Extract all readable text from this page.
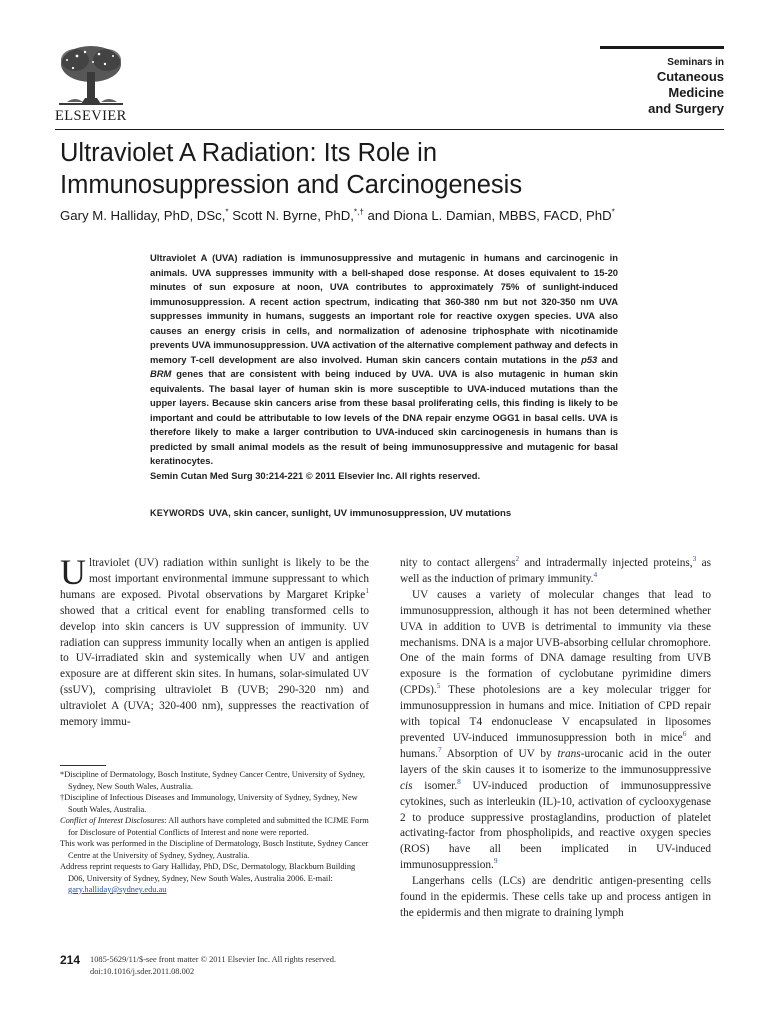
ELSEVIER
Seminars in
Cutaneous
Medicine
and Surgery
Ultraviolet A Radiation: Its Role in
Immunosuppression and Carcinogenesis
Gary M. Halliday, PhD, DSc,* Scott N. Byrne, PhD,*,† and Diona L. Damian, MBBS, FACD, PhD*

Ultraviolet A (UVA) radiation is immunosuppressive and mutagenic in humans and carcinogenic in animals. UVA suppresses immunity with a bell-shaped dose response. At doses equivalent to 15-20 minutes of sun exposure at noon, UVA contributes to approximately 75% of sunlight-induced immunosuppression. A recent action spectrum, indicating that 360-380 nm but not 320-350 nm UVA suppresses immunity in humans, suggests an important role for reactive oxygen species. UVA also causes an energy crisis in cells, and normalization of adenosine triphosphate with nicotinamide prevents UVA immunosuppression. UVA activation of the alternative complement pathway and defects in memory T-cell development are also involved. Human skin cancers contain mutations in the p53 and BRM genes that are consistent with being induced by UVA. UVA is also mutagenic in human skin equivalents. The basal layer of human skin is more susceptible to UVA-induced mutations than the upper layers. Because skin cancers arise from these basal proliferating cells, this finding is likely to be important and could be attributable to low levels of the DNA repair enzyme OGG1 in basal cells. UVA is therefore likely to make a larger contribution to UVA-induced skin carcinogenesis in humans than is predicted by small animal models as the result of being immunosuppressive and mutagenic for basal keratinocytes.
Semin Cutan Med Surg 30:214-221 © 2011 Elsevier Inc. All rights reserved.

KEYWORDS UVA, skin cancer, sunlight, UV immunosuppression, UV mutations

Ultraviolet (UV) radiation within sunlight is likely to be the most important environmental immune suppressant to which humans are exposed. Pivotal observations by Margaret Kripke$^1$ showed that a critical event for enabling transformed cells to develop into skin cancers is UV suppression of immunity. UV radiation can suppress immunity locally when an antigen is applied to UV-irradiated skin and systemically when UV and antigen exposure are at different skin sites. In humans, solar-simulated UV (ssUV), comprising ultraviolet B (UVB; 290-320 nm) and ultraviolet A (UVA; 320-400 nm), suppresses the reactivation of memory immu-

*Discipline of Dermatology, Bosch Institute, Sydney Cancer Centre, University of Sydney, Sydney, New South Wales, Australia.

†Discipline of Infectious Diseases and Immunology, University of Sydney, Sydney, New South Wales, Australia.

Conflict of Interest Disclosures: All authors have completed and submitted the ICJME Form for Disclosure of Potential Conflicts of Interest and none were reported.

This work was performed in the Discipline of Dermatology, Bosch Institute, Sydney Cancer Centre at the University of Sydney, Sydney, Australia.

Address reprint requests to Gary Halliday, PhD, DSc, Dermatology, Blackburn Building D06, University of Sydney, Sydney, New South Wales, Australia 2006. E-mail: gary.halliday@sydney.edu.au

nity to contact allergens$^2$ and intradermally injected proteins,$^3$ as well as the induction of primary immunity.$^4$

UV causes a variety of molecular changes that lead to immunosuppression, although it has not been determined whether UVA in addition to UVB is detrimental to immunity via these mechanisms. DNA is a major UVB-absorbing cellular chromophore. One of the main forms of DNA damage resulting from UVB exposure is the formation of cyclobutane pyrimidine dimers (CPDs).$^5$ These photolesions are a key molecular trigger for immunosuppression in humans and mice. Initiation of CPD repair with topical T4 endonuclease V encapsulated in liposomes prevented UV-induced immunosuppression both in mice$^6$ and humans.$^7$ Absorption of UV by trans-urocanic acid in the outer layers of the skin causes it to isomerize to the immunosuppressive cis isomer.$^8$ UV-induced production of immunosuppressive cytokines, such as interleukin (IL)-10, activation of cyclooxygenase 2 to produce suppressive prostaglandins, production of platelet activating-factor from phospholipids, and reactive oxygen species (ROS) have all been implicated in UV-induced immunosuppression.$^9$

Langerhans cells (LCs) are dendritic antigen-presenting cells found in the epidermis. These cells take up and process antigen in the epidermis and then migrate to draining lymph

214 1085-5629/11/$-see front matter © 2011 Elsevier Inc. All rights reserved.
doi:10.1016/j.sder.2011.08.002
